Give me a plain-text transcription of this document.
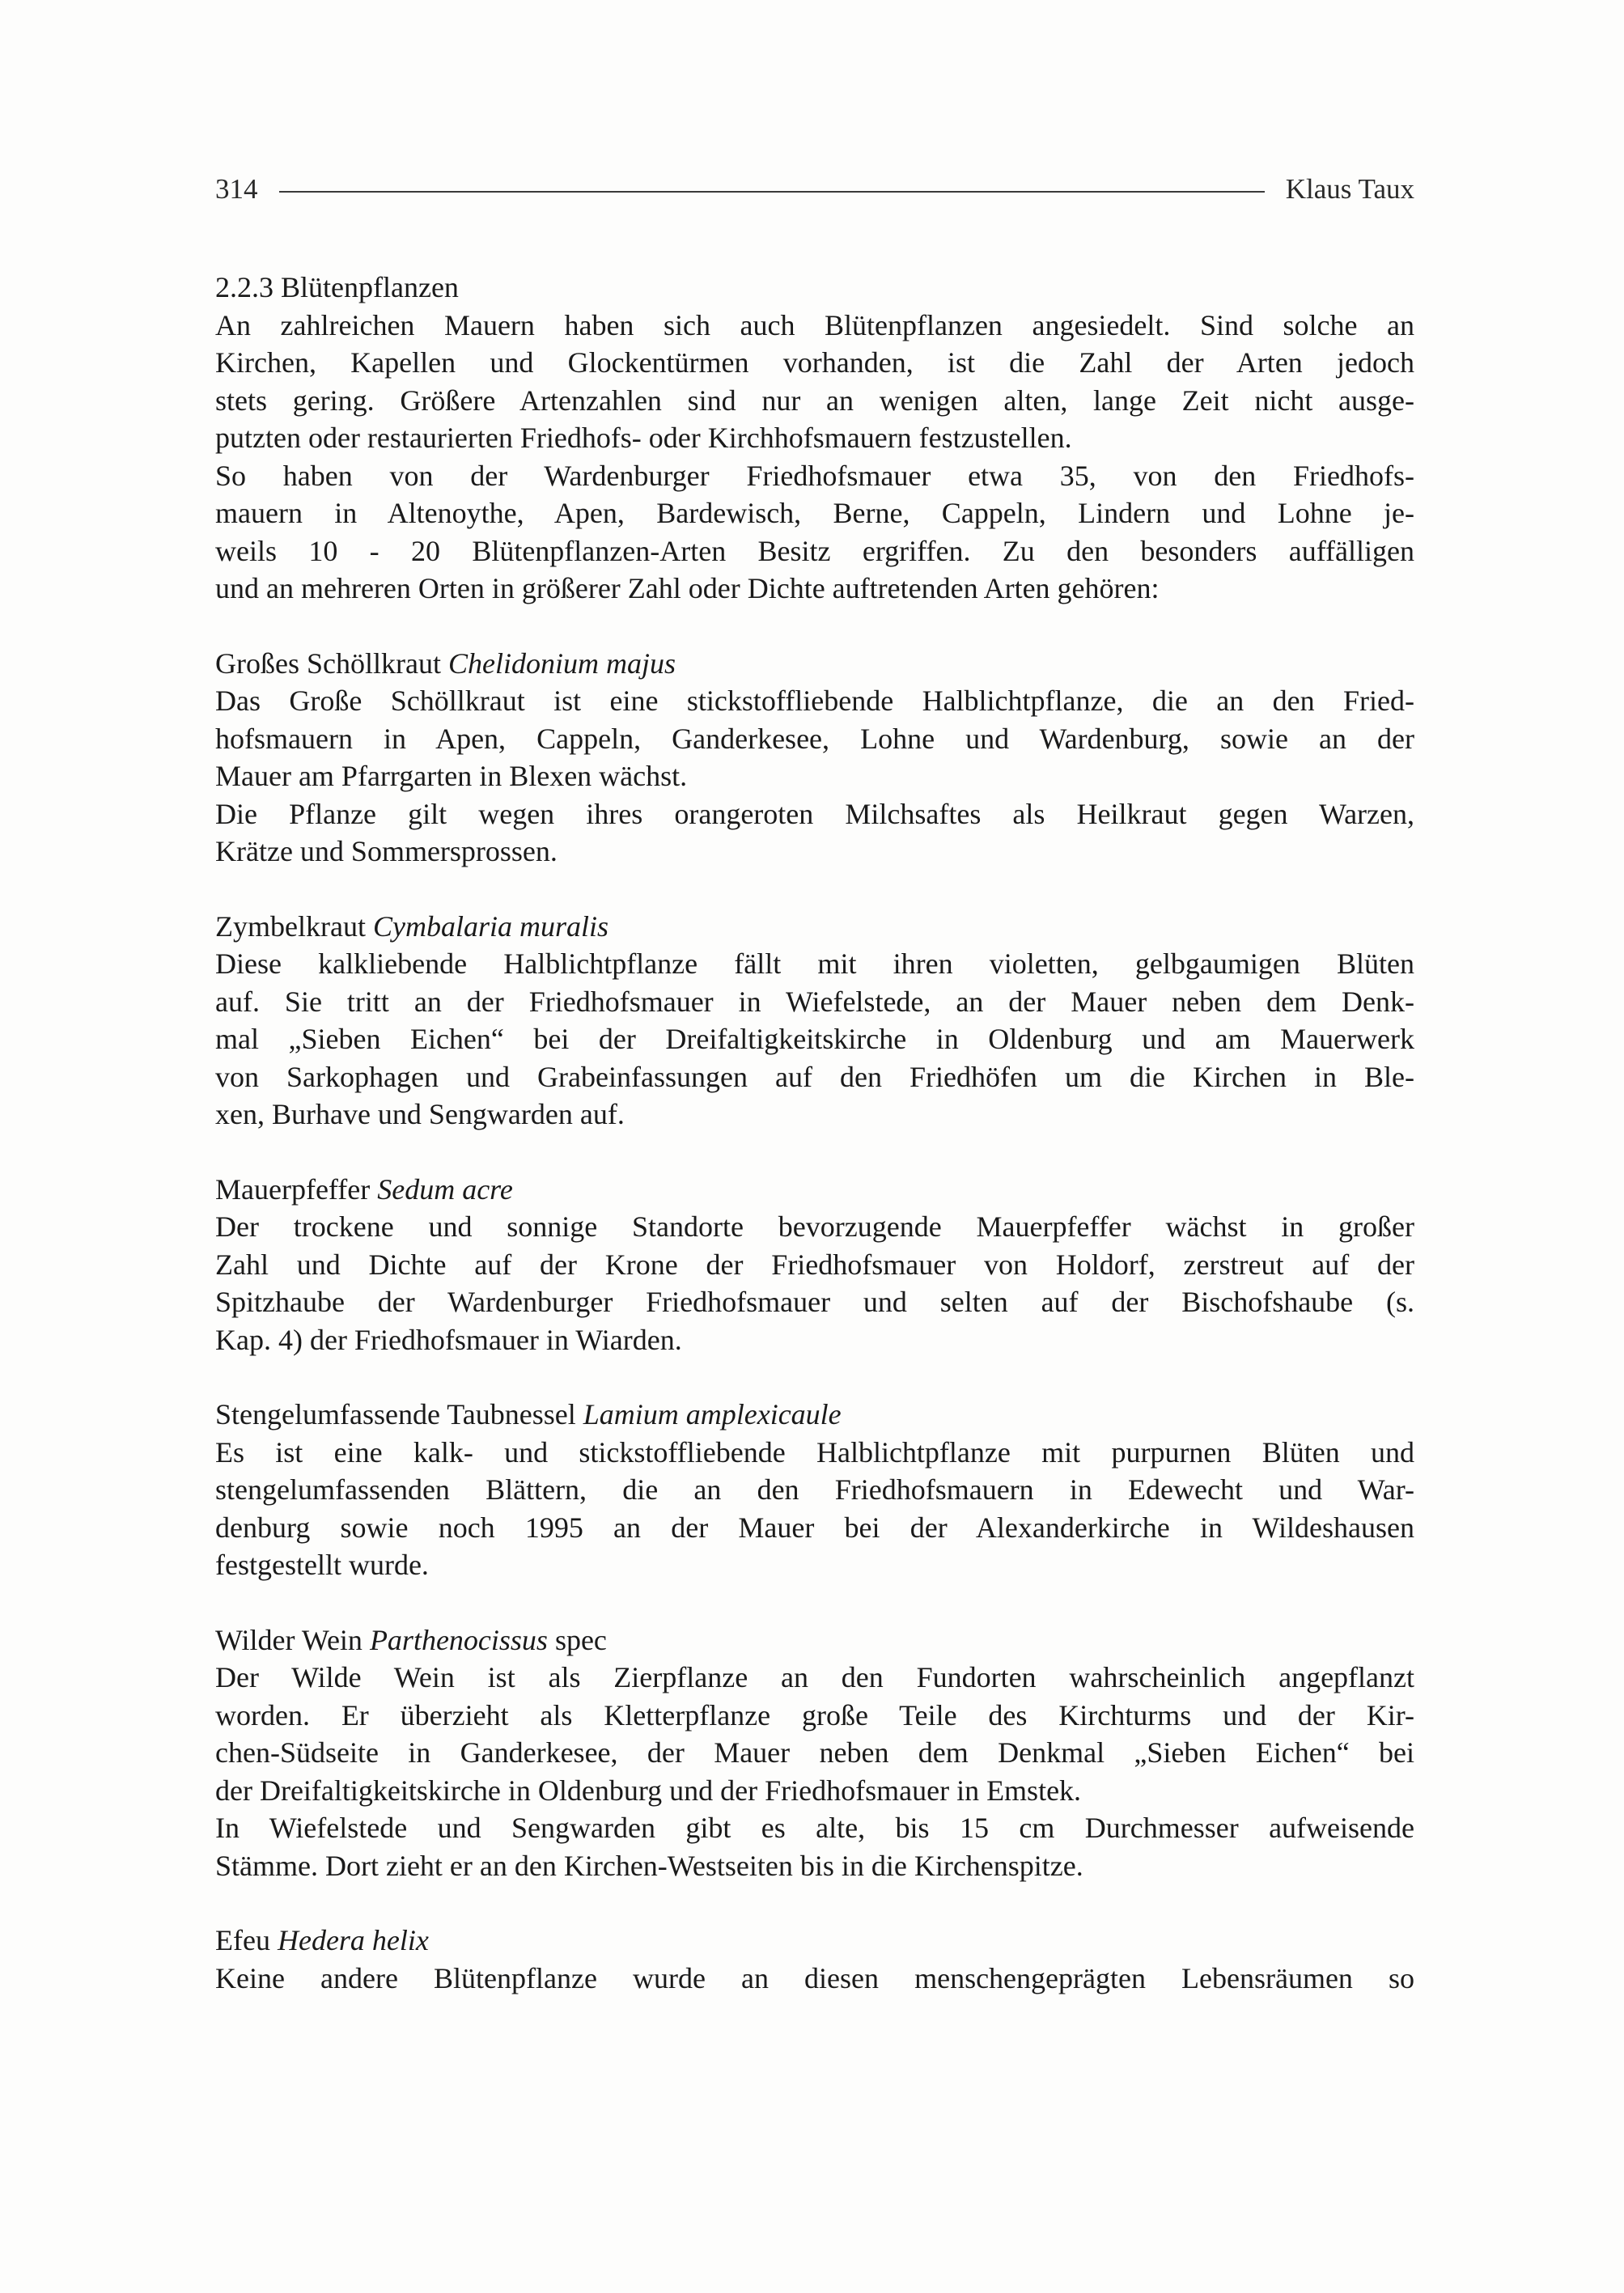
314	Klaus Taux
2.2.3 Blütenpflanzen
An zahlreichen Mauern haben sich auch Blütenpflanzen angesiedelt. Sind solche an
Kirchen, Kapellen und Glockentürmen vorhanden, ist die Zahl der Arten jedoch
stets gering. Größere Artenzahlen sind nur an wenigen alten, lange Zeit nicht ausge-
putzten oder restaurierten Friedhofs- oder Kirchhofsmauern festzustellen.
So haben von der Wardenburger Friedhofsmauer etwa 35, von den Friedhofs-
mauern in Altenoythe, Apen, Bardewisch, Berne, Cappeln, Lindern und Lohne je-
weils 10 - 20 Blütenpflanzen-Arten Besitz ergriffen. Zu den besonders auffälligen
und an mehreren Orten in größerer Zahl oder Dichte auftretenden Arten gehören:
Großes Schöllkraut Chelidonium majus
Das Große Schöllkraut ist eine stickstoffliebende Halblichtpflanze, die an den Fried-
hofsmauern in Apen, Cappeln, Ganderkesee, Lohne und Wardenburg, sowie an der
Mauer am Pfarrgarten in Blexen wächst.
Die Pflanze gilt wegen ihres orangeroten Milchsaftes als Heilkraut gegen Warzen,
Krätze und Sommersprossen.
Zymbelkraut Cymbalaria muralis
Diese kalkliebende Halblichtpflanze fällt mit ihren violetten, gelbgaumigen Blüten
auf. Sie tritt an der Friedhofsmauer in Wiefelstede, an der Mauer neben dem Denk-
mal „Sieben Eichen“ bei der Dreifaltigkeitskirche in Oldenburg und am Mauerwerk
von Sarkophagen und Grabeinfassungen auf den Friedhöfen um die Kirchen in Ble-
xen, Burhave und Sengwarden auf.
Mauerpfeffer Sedum acre
Der trockene und sonnige Standorte bevorzugende Mauerpfeffer wächst in großer
Zahl und Dichte auf der Krone der Friedhofsmauer von Holdorf, zerstreut auf der
Spitzhaube der Wardenburger Friedhofsmauer und selten auf der Bischofshaube (s.
Kap. 4) der Friedhofsmauer in Wiarden.
Stengelumfassende Taubnessel Lamium amplexicaule
Es ist eine kalk- und stickstoffliebende Halblichtpflanze mit purpurnen Blüten und
stengelumfassenden Blättern, die an den Friedhofsmauern in Edewecht und War-
denburg sowie noch 1995 an der Mauer bei der Alexanderkirche in Wildeshausen
festgestellt wurde.
Wilder Wein Parthenocissus spec
Der Wilde Wein ist als Zierpflanze an den Fundorten wahrscheinlich angepflanzt
worden. Er überzieht als Kletterpflanze große Teile des Kirchturms und der Kir-
chen-Südseite in Ganderkesee, der Mauer neben dem Denkmal „Sieben Eichen“ bei
der Dreifaltigkeitskirche in Oldenburg und der Friedhofsmauer in Emstek.
In Wiefelstede und Sengwarden gibt es alte, bis 15 cm Durchmesser aufweisende
Stämme. Dort zieht er an den Kirchen-Westseiten bis in die Kirchenspitze.
Efeu Hedera helix
Keine andere Blütenpflanze wurde an diesen menschengeprägten Lebensräumen so
